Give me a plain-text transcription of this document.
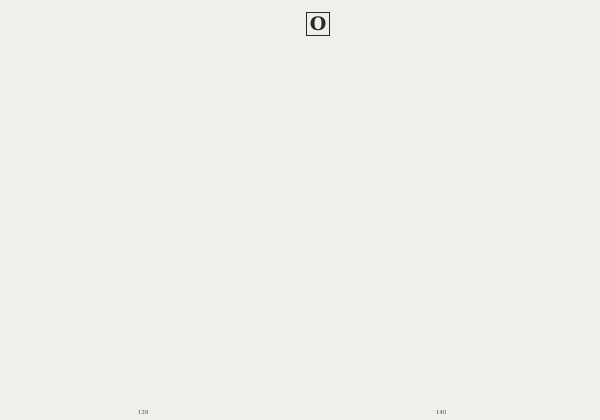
О

139	140
